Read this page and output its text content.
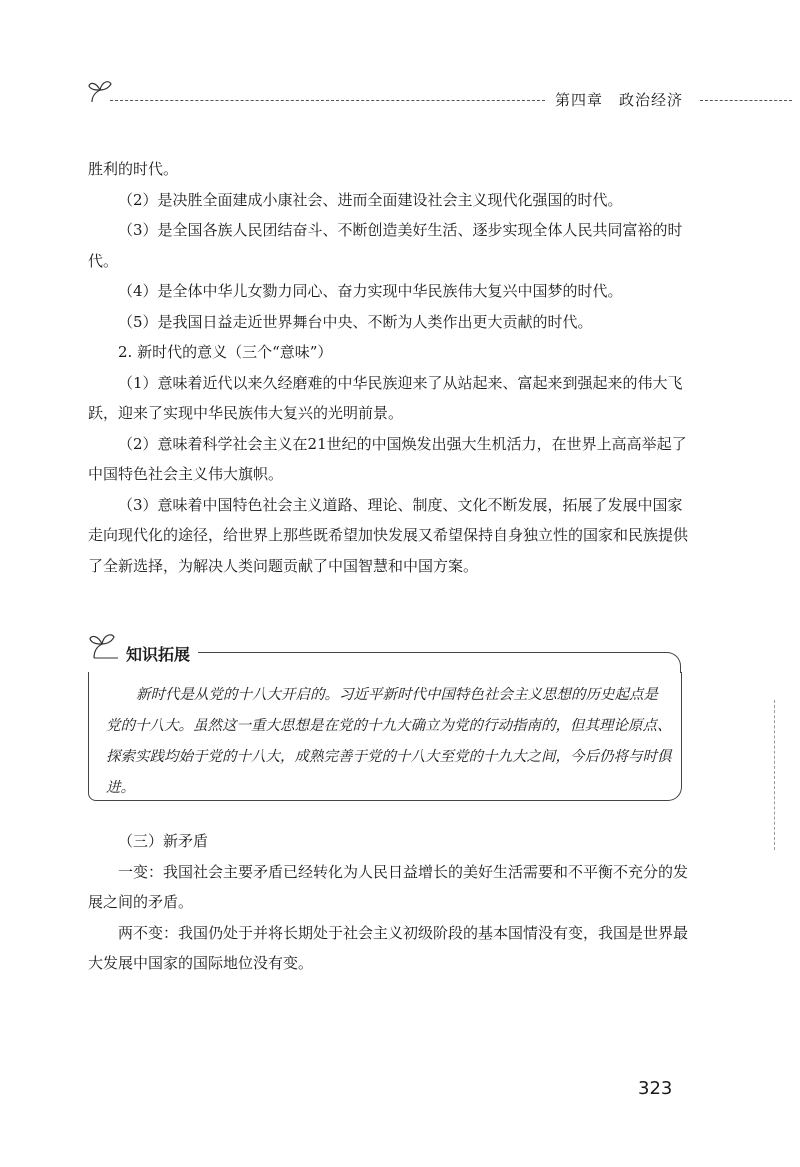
第四章　政治经济

胜利的时代。

（2）是决胜全面建成小康社会、进而全面建设社会主义现代化强国的时代。

（3）是全国各族人民团结奋斗、不断创造美好生活、逐步实现全体人民共同富裕的时代。

（4）是全体中华儿女勠力同心、奋力实现中华民族伟大复兴中国梦的时代。

（5）是我国日益走近世界舞台中央、不断为人类作出更大贡献的时代。

2. 新时代的意义（三个“意味”）

（1）意味着近代以来久经磨难的中华民族迎来了从站起来、富起来到强起来的伟大飞跃，迎来了实现中华民族伟大复兴的光明前景。

（2）意味着科学社会主义在21世纪的中国焕发出强大生机活力，在世界上高高举起了中国特色社会主义伟大旗帜。

（3）意味着中国特色社会主义道路、理论、制度、文化不断发展，拓展了发展中国家走向现代化的途径，给世界上那些既希望加快发展又希望保持自身独立性的国家和民族提供了全新选择，为解决人类问题贡献了中国智慧和中国方案。

知识拓展

新时代是从党的十八大开启的。习近平新时代中国特色社会主义思想的历史起点是党的十八大。虽然这一重大思想是在党的十九大确立为党的行动指南的，但其理论原点、探索实践均始于党的十八大，成熟完善于党的十八大至党的十九大之间，今后仍将与时俱进。

（三）新矛盾

一变：我国社会主要矛盾已经转化为人民日益增长的美好生活需要和不平衡不充分的发展之间的矛盾。

两不变：我国仍处于并将长期处于社会主义初级阶段的基本国情没有变，我国是世界最大发展中国家的国际地位没有变。

323
